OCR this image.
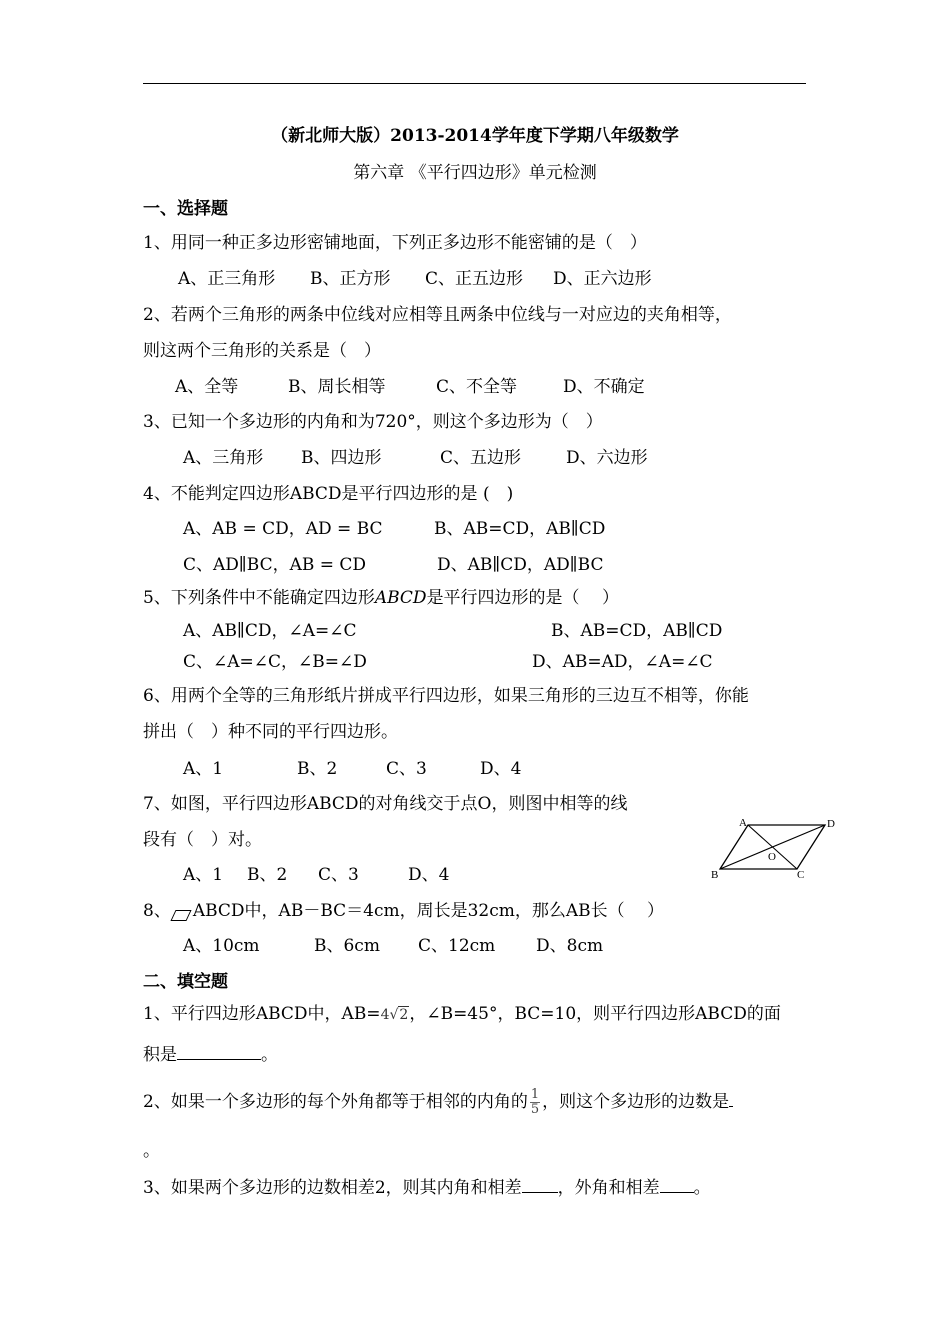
（新北师大版）2013-2014学年度下学期八年级数学
第六章 《平行四边形》单元检测
一、选择题
1、用同一种正多边形密铺地面，下列正多边形不能密铺的是（　）
A、正三角形 B、正方形 C、正五边形 D、正六边形
2、若两个三角形的两条中位线对应相等且两条中位线与一对应边的夹角相等，
则这两个三角形的关系是（　）
A、全等	B、周长相等	C、不全等	D、不确定
3、已知一个多边形的内角和为720°，则这个多边形为（　）
A、三角形 B、四边形	C、五边形	D、六边形
4、不能判定四边形ABCD是平行四边形的是 (　)
A、AB = CD，AD = BC	B、AB=CD，AB∥CD
C、AD∥BC，AB = CD	D、AB∥CD，AD∥BC
5、下列条件中不能确定四边形ABCD是平行四边形的是（　 ）
A、AB∥CD，∠A=∠C	B、AB=CD，AB∥CD
C、∠A=∠C，∠B=∠D	D、AB=AD，∠A=∠C
6、用两个全等的三角形纸片拼成平行四边形，如果三角形的三边互不相等，你能
拼出（　）种不同的平行四边形。
A、1	B、2	C、3	D、4
7、如图，平行四边形ABCD的对角线交于点O，则图中相等的线
段有（　）对。
A、1 B、2 C、3	D、4
A	D
B	C
O
8、 ABCD中，AB－BC＝4cm，周长是32cm，那么AB长（　 ）
A、10cm	B、6cm C、12cm D、8cm
二、填空题
1、平行四边形ABCD中，AB=4√2，∠B=45°，BC=10，则平行四边形ABCD的面
积是	。
2、如果一个多边形的每个外角都等于相邻的内角的 $\frac{1}{5}$ ，则这个多边形的边数是
。
3、如果两个多边形的边数相差2，则其内角和相差 ，外角和相差 。
